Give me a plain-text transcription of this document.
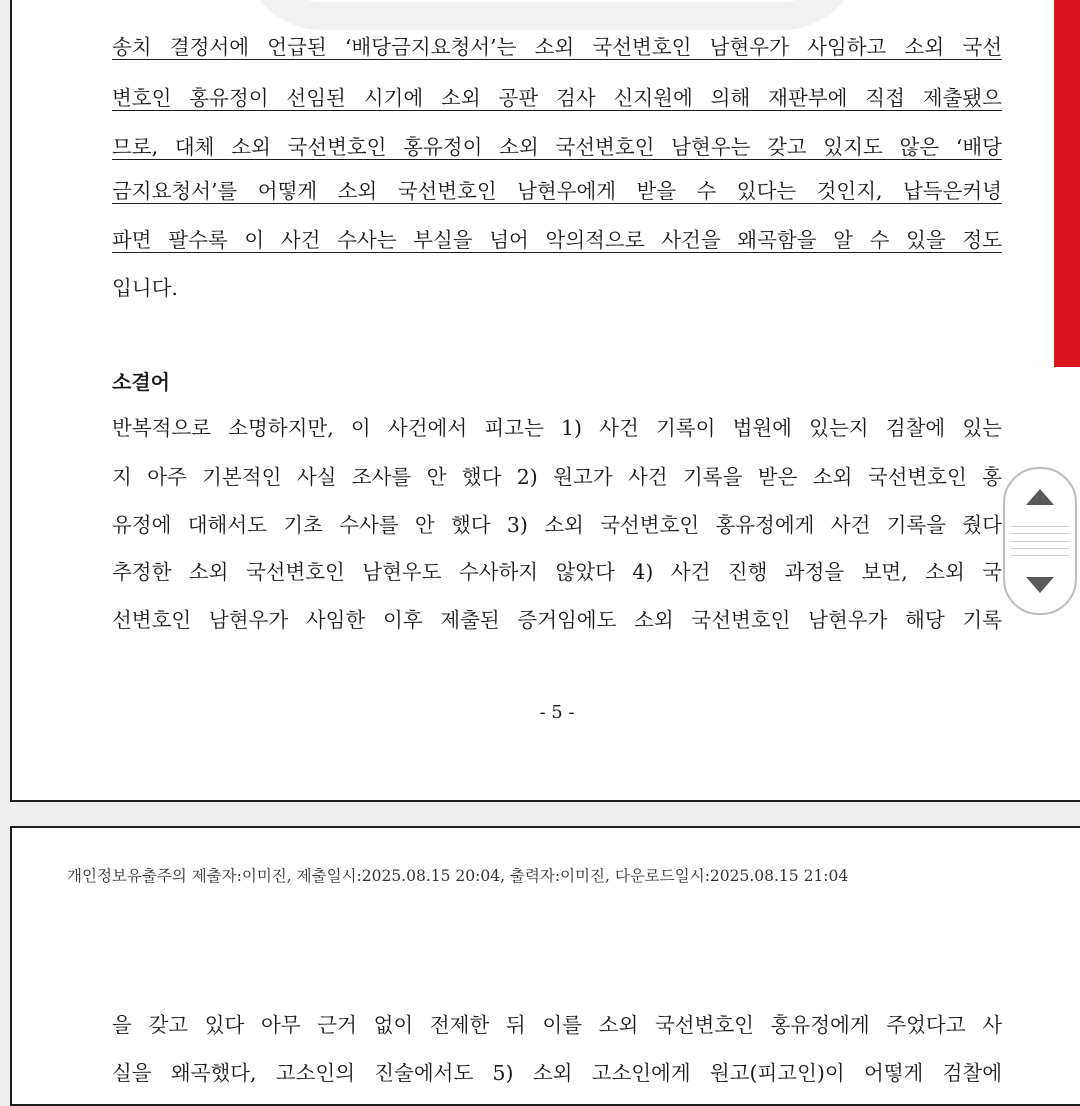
송치 결정서에 언급된 ‘배당금지요청서’는 소외 국선변호인 남현우가 사임하고 소외 국선

변호인 홍유정이 선임된 시기에 소외 공판 검사 신지원에 의해 재판부에 직접 제출됐으

므로, 대체 소외 국선변호인 홍유정이 소외 국선변호인 남현우는 갖고 있지도 않은 ‘배당

금지요청서’를 어떻게 소외 국선변호인 남현우에게 받을 수 있다는 것인지, 납득은커녕

파면 팔수록 이 사건 수사는 부실을 넘어 악의적으로 사건을 왜곡함을 알 수 있을 정도

입니다.

소결어

반복적으로 소명하지만, 이 사건에서 피고는 1) 사건 기록이 법원에 있는지 검찰에 있는

지 아주 기본적인 사실 조사를 안 했다 2) 원고가 사건 기록을 받은 소외 국선변호인 홍

유정에 대해서도 기초 수사를 안 했다 3) 소외 국선변호인 홍유정에게 사건 기록을 줬다

추정한 소외 국선변호인 남현우도 수사하지 않았다 4) 사건 진행 과정을 보면, 소외 국

선변호인 남현우가 사임한 이후 제출된 증거임에도 소외 국선변호인 남현우가 해당 기록

- 5 -

개인정보유출주의 제출자:이미진, 제출일시:2025.08.15 20:04, 출력자:이미진, 다운로드일시:2025.08.15 21:04

을 갖고 있다 아무 근거 없이 전제한 뒤 이를 소외 국선변호인 홍유정에게 주었다고 사

실을 왜곡했다, 고소인의 진술에서도 5) 소외 고소인에게 원고(피고인)이 어떻게 검찰에
